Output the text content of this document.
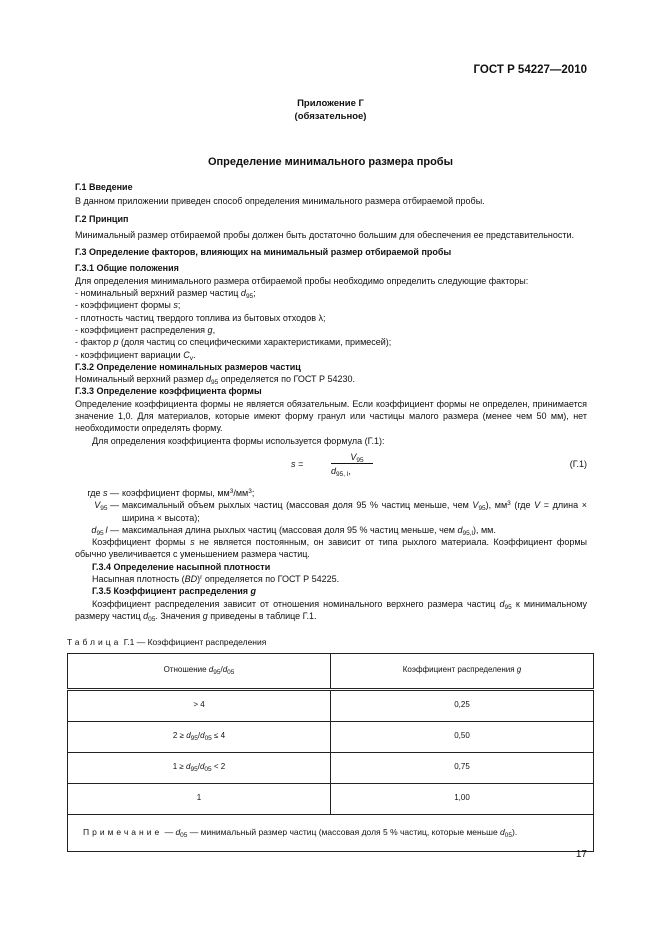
ГОСТ Р 54227—2010
Приложение Г
(обязательное)
Определение минимального размера пробы
Г.1 Введение
В данном приложении приведен способ определения минимального размера отбираемой пробы.
Г.2 Принцип
Минимальный размер отбираемой пробы должен быть достаточно большим для обеспечения ее представительности.
Г.3 Определение факторов, влияющих на минимальный размер отбираемой пробы
Г.3.1 Общие положения
Для определения минимального размера отбираемой пробы необходимо определить следующие факторы:
- номинальный верхний размер частиц $d_{95}$;
- коэффициент формы s;
- плотность частиц твердого топлива из бытовых отходов λ;
- коэффициент распределения g,
- фактор p (доля частиц со специфическими характеристиками, примесей);
- коэффициент вариации $C_v$.
Г.3.2 Определение номинальных размеров частиц
Номинальный верхний размер $d_{95}$ определяется по ГОСТ Р 54230.
Г.3.3 Определение коэффициента формы
Определение коэффициента формы не является обязательным. Если коэффициент формы не определен, принимается значение 1,0. Для материалов, которые имеют форму гранул или частицы малого размера (менее чем 50 мм), нет необходимости определять форму.
Для определения коэффициента формы используется формула (Г.1):
s =
$V_{95}$
$d_{95, l}$,
(Г.1)
где s — коэффициент формы, $мм^3/мм^3$;
$V_{95}$ — максимальный объем рыхлых частиц (массовая доля 95 % частиц меньше, чем $V_{95}$), $мм^3$ (где V = длина × ширина × высота);
$d_{95}$ l — максимальная длина рыхлых частиц (массовая доля 95 % частиц меньше, чем $d_{95,l}$), мм.
Коэффициент формы s не является постоянным, он зависит от типа рыхлого материала. Коэффициент формы обычно увеличивается с уменьшением размера частиц.
Г.3.4 Определение насыпной плотности
Насыпная плотность (BD)$^r$ определяется по ГОСТ Р 54225.
Г.3.5 Коэффициент распределения g
Коэффициент распределения зависит от отношения номинального верхнего размера частиц $d_{95}$ к минимальному размеру частиц $d_{05}$. Значения g приведены в таблице Г.1.
Таблица Г.1 — Коэффициент распределения
Отношение $d_{95}/d_{05}$	Коэффициент распределения g
> 4	0,25
$2 \ge d_{95}/d_{05} \le 4$	0,50
$1 \ge d_{95}/d_{05} < 2$	0,75
1	1,00
Примечание — $d_{05}$ — минимальный размер частиц (массовая доля 5 % частиц, которые меньше $d_{05}$).	
17
